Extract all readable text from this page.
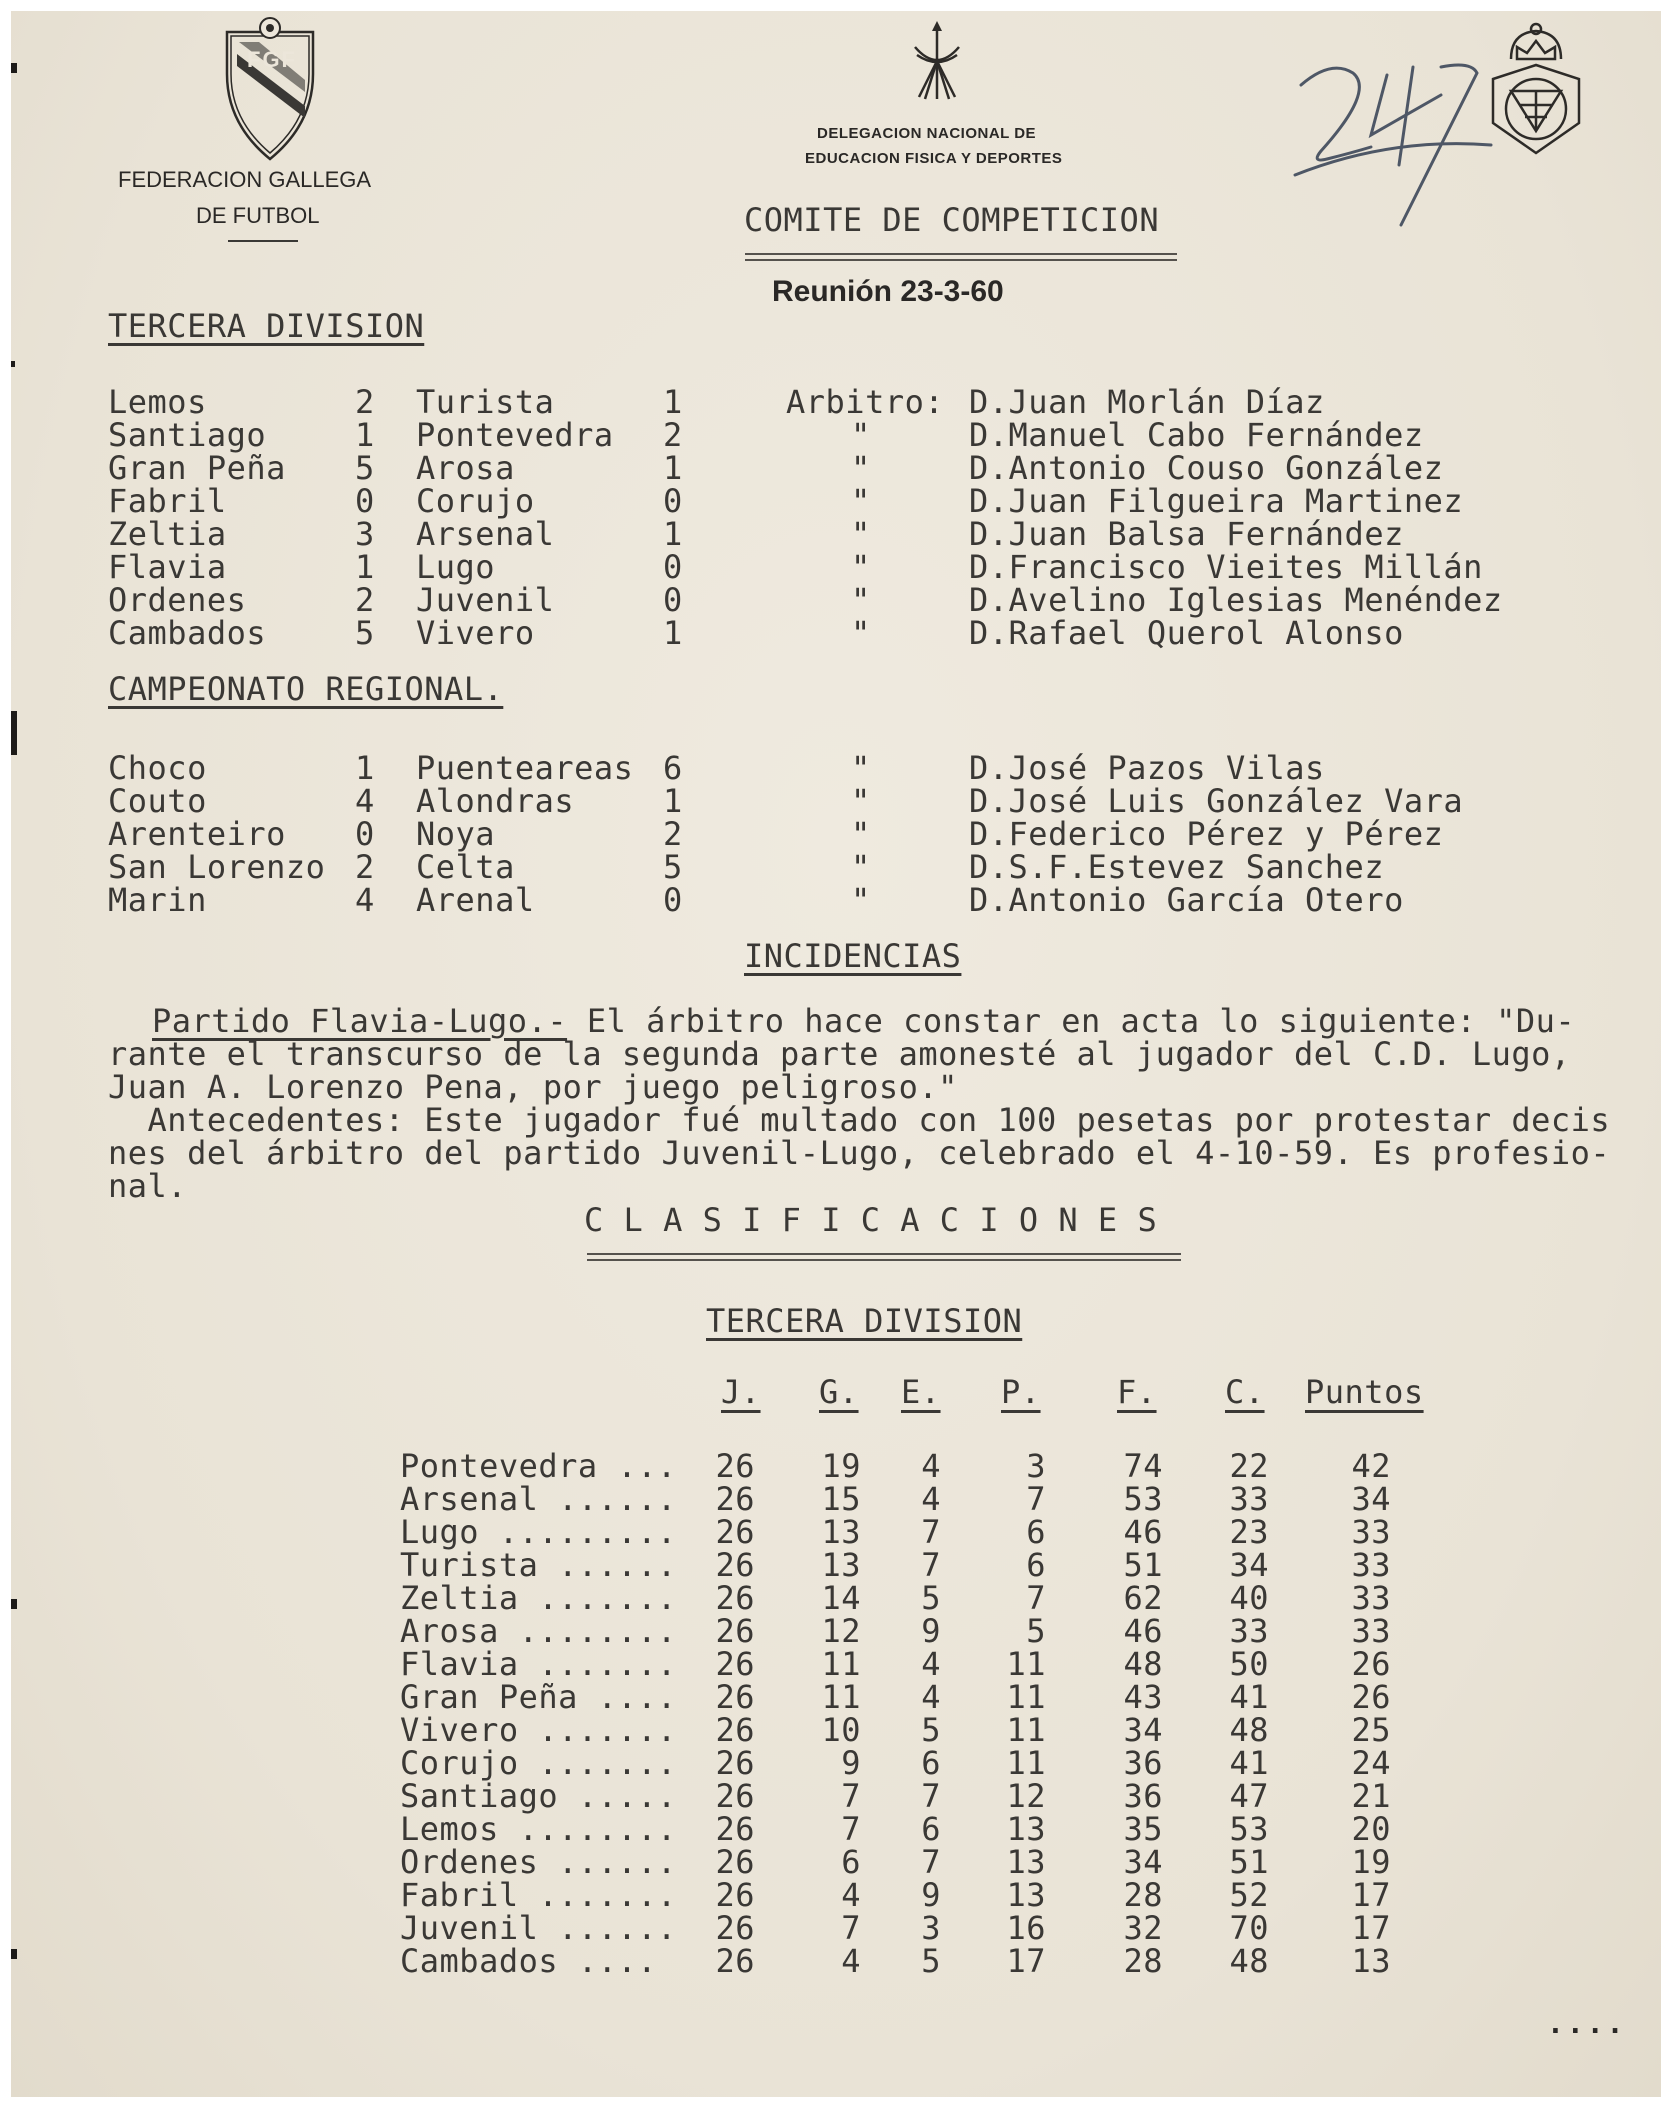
FGF
FEDERACION GALLEGA
DE FUTBOL
DELEGACION NACIONAL DE
EDUCACION FISICA Y DEPORTES
COMITE DE COMPETICION
Reunión 23-3-60
TERCERA DIVISION
Lemos	2 Turista	1	Arbitro: D.Juan Morlán Díaz
Santiago	1 Pontevedra 2	"	D.Manuel Cabo Fernández
Gran Peña 5 Arosa	1	"	D.Antonio Couso González
Fabril	0 Corujo	0	"	D.Juan Filgueira Martinez
Zeltia	3 Arsenal	1	"	D.Juan Balsa Fernández
Flavia	1 Lugo	0	"	D.Francisco Vieites Millán
Ordenes	2 Juvenil	0	"	D.Avelino Iglesias Menéndez
Cambados	5 Vivero	1	"	D.Rafael Querol Alonso
CAMPEONATO REGIONAL.
Choco	1 Puenteareas 6	"	D.José Pazos Vilas
Couto	4 Alondras	1	"	D.José Luis González Vara
Arenteiro 0 Noya	2	"	D.Federico Pérez y Pérez
San Lorenzo 2 Celta	5	"	D.S.F.Estevez Sanchez
Marin	4 Arenal	0	"	D.Antonio García Otero
INCIDENCIAS
Partido Flavia-Lugo.- El árbitro hace constar en acta lo siguiente: "Du-
rante el transcurso de la segunda parte amonesté al jugador del C.D. Lugo,
Juan A. Lorenzo Pena, por juego peligroso."
Antecedentes: Este jugador fué multado con 100 pesetas por protestar decis
nes del árbitro del partido Juvenil-Lugo, celebrado el 4-10-59. Es profesio-
nal.
C L A S I F I C A C I O N E S
TERCERA DIVISION
J. G. E. P. F. C. Puntos
Pontevedra ... 26 19 4	3 74 22	42
Arsenal ...... 26 15 4	7 53 33	34
Lugo ......... 26 13 7	6 46 23	33
Turista ...... 26 13 7	6 51 34	33
Zeltia ....... 26 14 5	7 62 40	33
Arosa ........ 26 12 9	5 46 33	33
Flavia ....... 26 11 4 11 48 50	26
Gran Peña .... 26 11 4 11 43 41	26
Vivero ....... 26 10 5 11 34 48	25
Corujo ....... 26	9 6 11 36 41	24
Santiago ..... 26	7 7 12 36 47	21
Lemos ........ 26	7 6 13 35 53	20
Ordenes ...... 26	6 7 13 34 51	19
Fabril ....... 26	4 9 13 28 52	17
Juvenil ...... 26	7 3 16 32 70	17
Cambados .... 26	4 5 17 28 48	13
....
